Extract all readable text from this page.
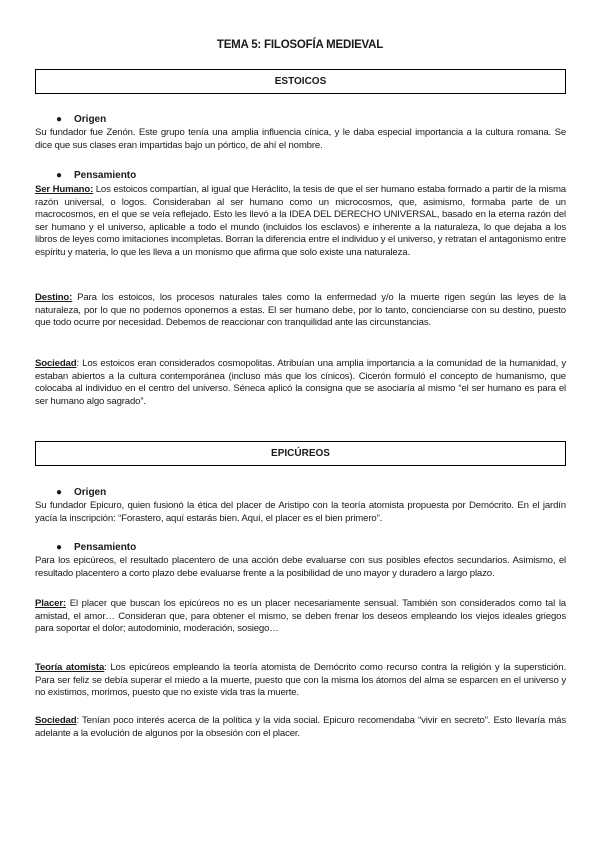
TEMA 5: FILOSOFÍA MEDIEVAL
ESTOICOS
● Origen

Su fundador fue Zenón. Este grupo tenía una amplia influencia cínica, y le daba especial importancia a la cultura romana. Se dice que sus clases eran impartidas bajo un pórtico, de ahí el nombre.

● Pensamiento

Ser Humano: Los estoicos compartían, al igual que Heráclito, la tesis de que el ser humano estaba formado a partir de la misma razón universal, o logos. Consideraban al ser humano como un microcosmos, que, asimismo, formaba parte de un macrocosmos, en el que se veía reflejado. Esto les llevó a la IDEA DEL DERECHO UNIVERSAL, basado en la eterna razón del ser humano y el universo, aplicable a todo el mundo (incluidos los esclavos) e inherente a la naturaleza, lo que dejaba a los libros de leyes como imitaciones incompletas. Borran la diferencia entre el individuo y el universo, y retratan el antagonismo entre espíritu y materia, lo que les lleva a un monismo que afirma que solo existe una naturaleza.

Destino: Para los estoicos, los procesos naturales tales como la enfermedad y/o la muerte rigen según las leyes de la naturaleza, por lo que no podemos oponernos a estas. El ser humano debe, por lo tanto, concienciarse con su destino, puesto que todo ocurre por necesidad. Debemos de reaccionar con tranquilidad ante las circunstancias.

Sociedad: Los estoicos eran considerados cosmopolitas. Atribuían una amplia importancia a la comunidad de la humanidad, y estaban abiertos a la cultura contemporánea (incluso más que los cínicos). Cicerón formuló el concepto de humanismo, que colocaba al individuo en el centro del universo. Séneca aplicó la consigna que se asociaría al mismo “el ser humano es para el ser humano algo sagrado”.

EPICÚREOS
● Origen

Su fundador Epicuro, quien fusionó la ética del placer de Aristipo con la teoría atomista propuesta por Demócrito. En el jardín yacía la inscripción: “Forastero, aquí estarás bien. Aquí, el placer es el bien primero”.

● Pensamiento

Para los epicúreos, el resultado placentero de una acción debe evaluarse con sus posibles efectos secundarios. Asimismo, el resultado placentero a corto plazo debe evaluarse frente a la posibilidad de uno mayor y duradero a largo plazo.

Placer: El placer que buscan los epicúreos no es un placer necesariamente sensual. También son considerados como tal la amistad, el amor… Consideran que, para obtener el mismo, se deben frenar los deseos empleando los viejos ideales griegos para soportar el dolor; autodominio, moderación, sosiego…

Teoría atomista: Los epicúreos empleando la teoría atomista de Demócrito como recurso contra la religión y la superstición. Para ser feliz se debía superar el miedo a la muerte, puesto que con la misma los átomos del alma se esparcen en el universo y no existimos, morimos, puesto que no existe vida tras la muerte.

Sociedad: Tenían poco interés acerca de la política y la vida social. Epicuro recomendaba “vivir en secreto”. Esto llevaría más adelante a la evolución de algunos por la obsesión con el placer.
